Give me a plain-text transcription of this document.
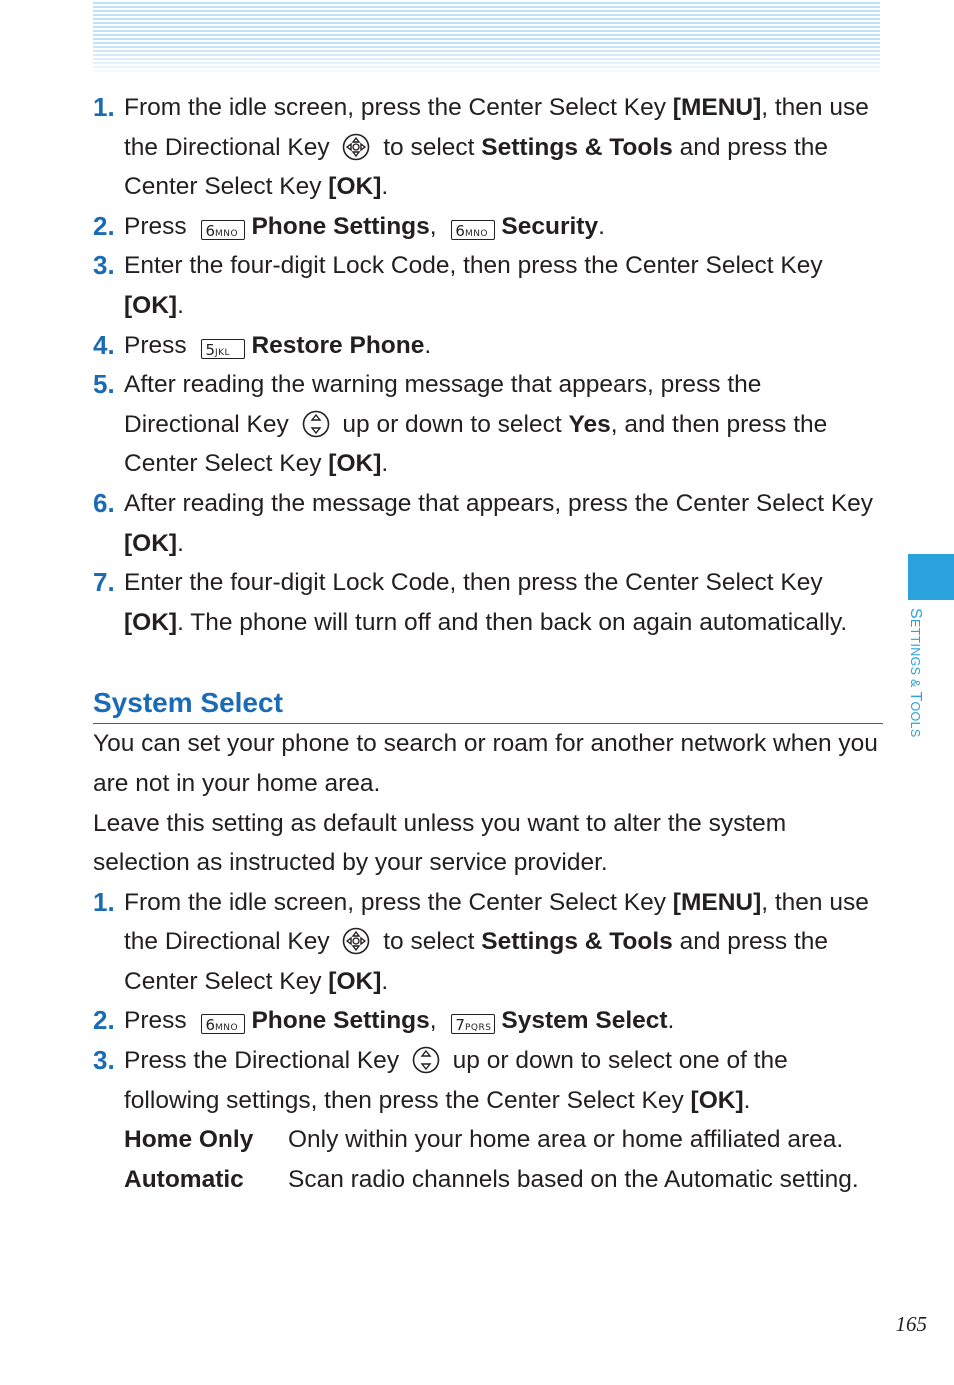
1. From the idle screen, press the Center Select Key [MENU], then use the Directional Key  to select Settings & Tools and press the Center Select Key [OK].
2. Press 6MNO Phone Settings, 6MNO Security.
3. Enter the four-digit Lock Code, then press the Center Select Key [OK].
4. Press 5JKL Restore Phone.
5. After reading the warning message that appears, press the Directional Key  up or down to select Yes, and then press the Center Select Key [OK].
6. After reading the message that appears, press the Center Select Key [OK].
7. Enter the four-digit Lock Code, then press the Center Select Key [OK]. The phone will turn off and then back on again automatically.
System Select

You can set your phone to search or roam for another network when you are not in your home area.

Leave this setting as default unless you want to alter the system selection as instructed by your service provider.

1. From the idle screen, press the Center Select Key [MENU], then use the Directional Key  to select Settings & Tools and press the Center Select Key [OK].
2. Press 6MNO Phone Settings, 7PQRS System Select.
3. Press the Directional Key  up or down to select one of the following settings, then press the Center Select Key [OK].
Home Only	Only within your home area or home affiliated area.
Automatic	Scan radio channels based on the Automatic setting.
SETTINGS & TOOLS
165
